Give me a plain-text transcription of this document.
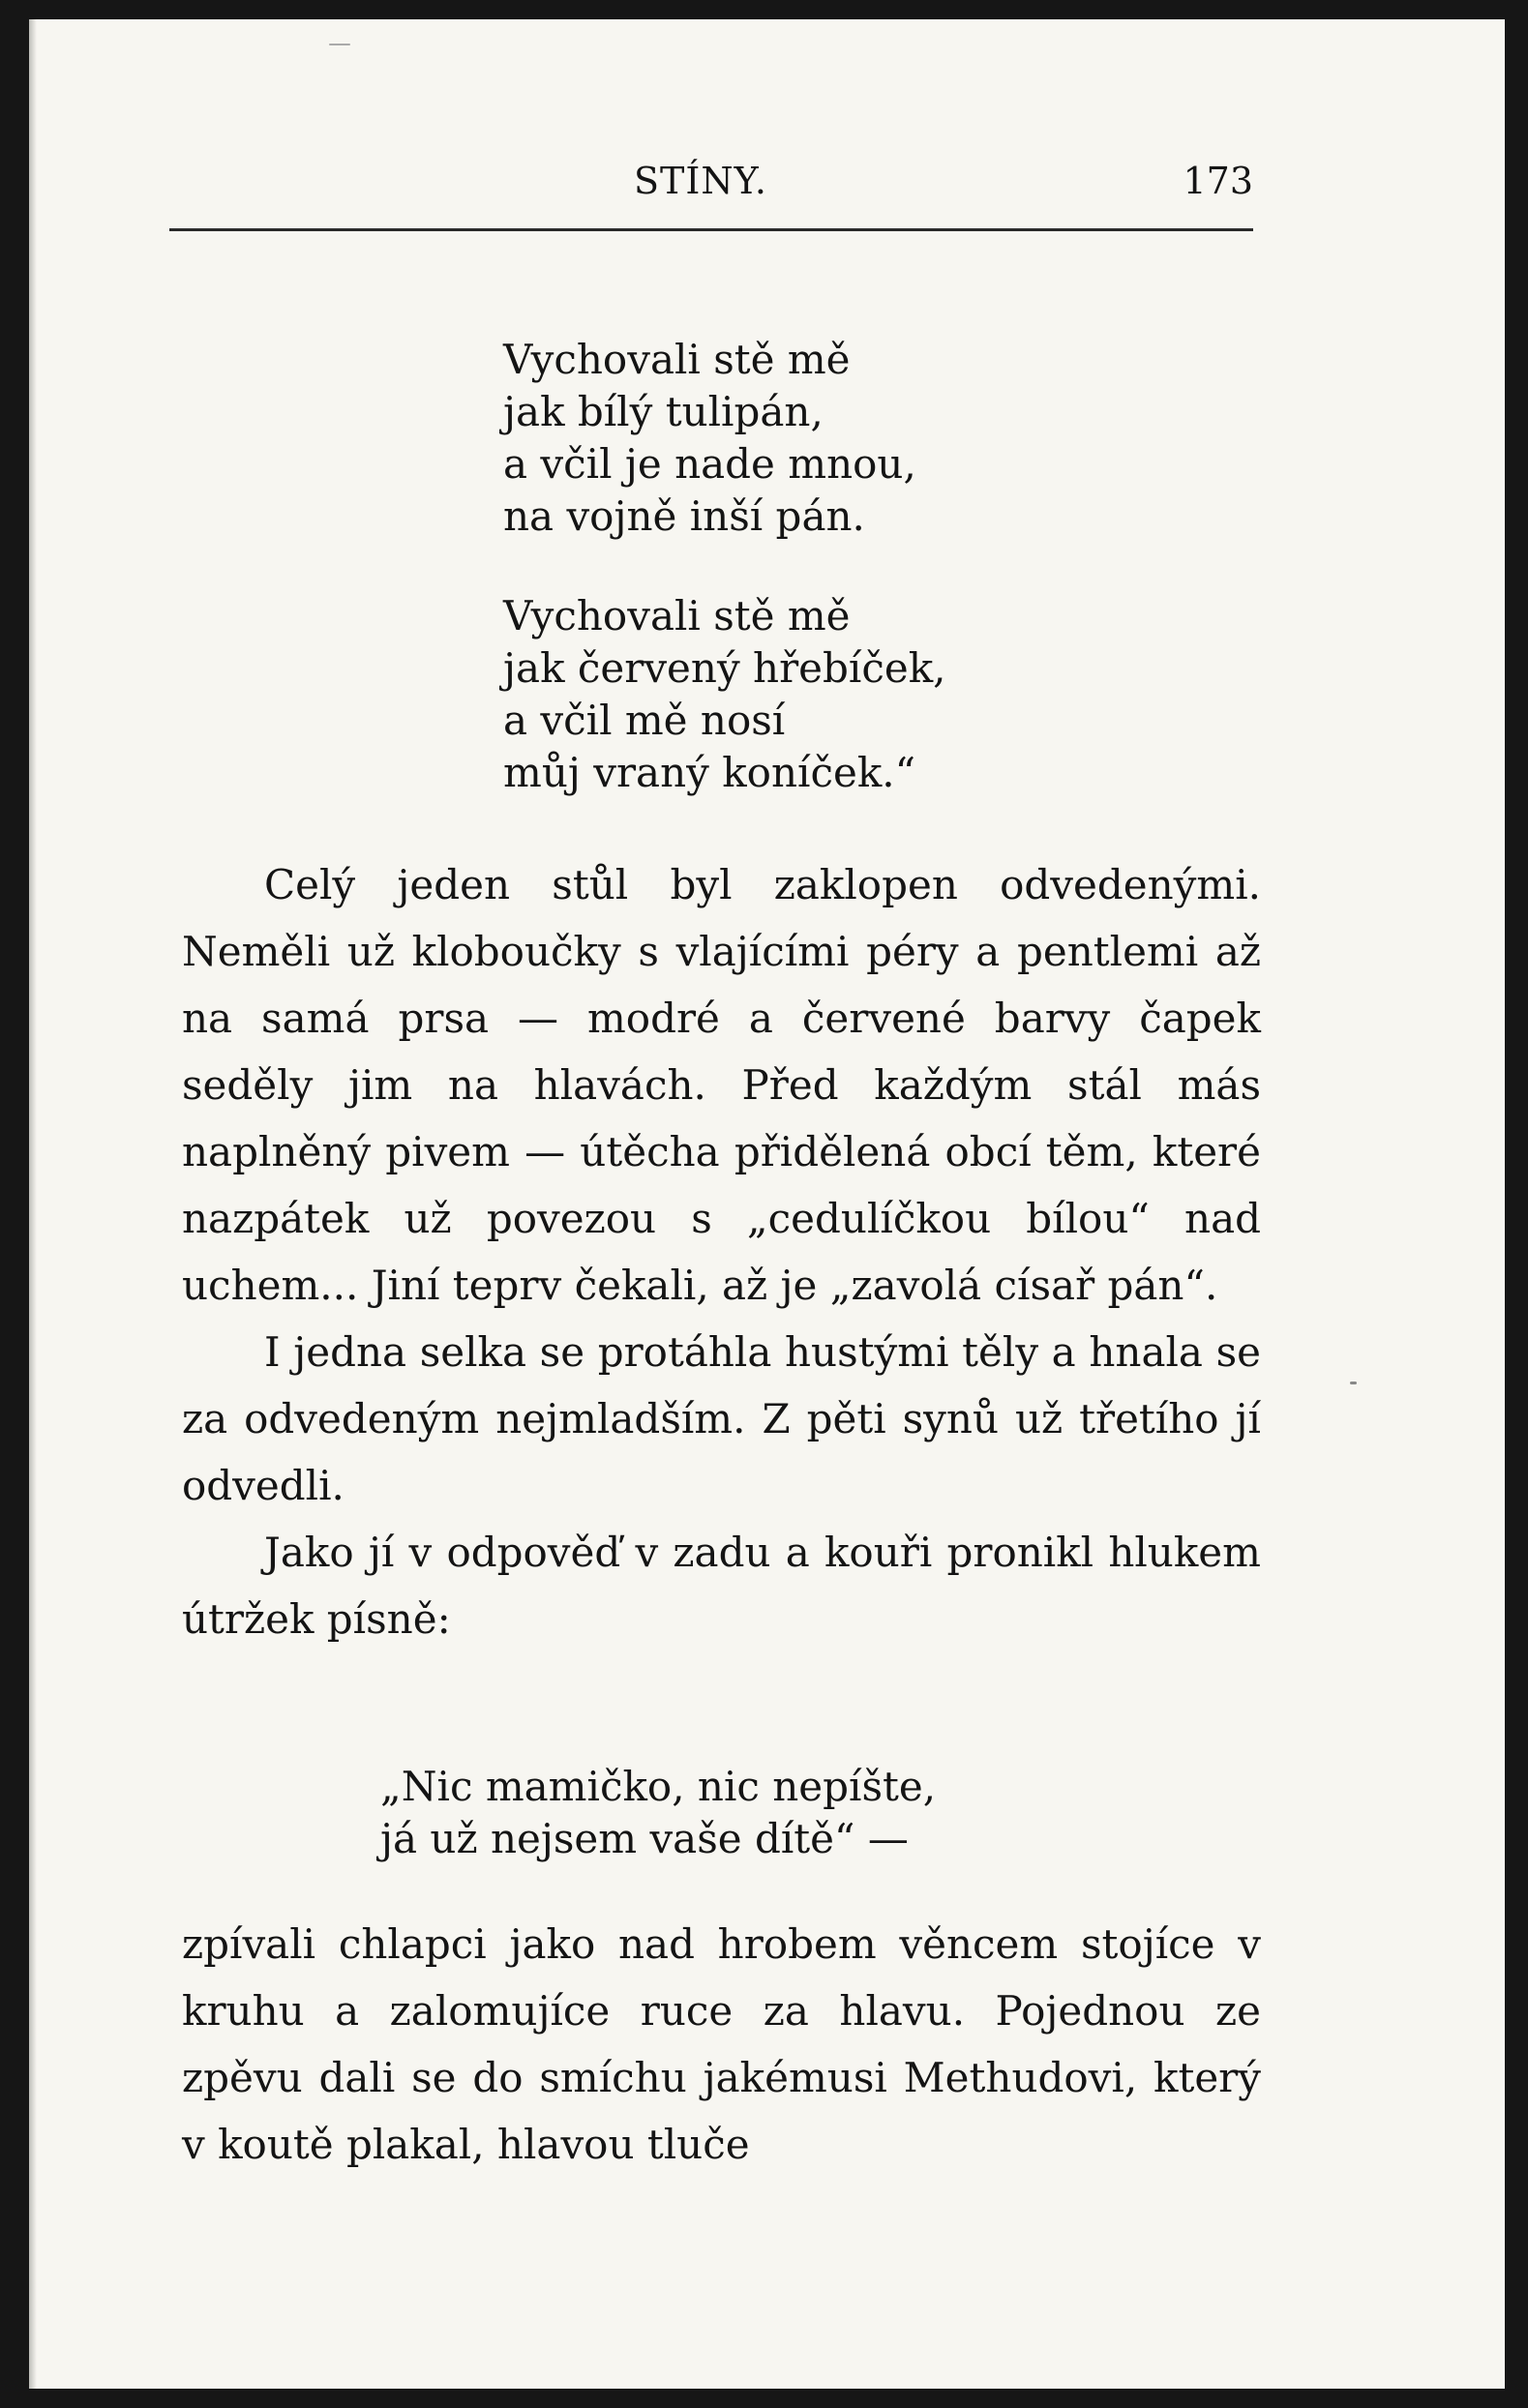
STÍNY.	173
Vychovali stě mě
jak bílý tulipán,
a včil je nade mnou,
na vojně inší pán.
Vychovali stě mě
jak červený hřebíček,
a včil mě nosí
můj vraný koníček.“

Celý jeden stůl byl zaklopen odvedenými. Neměli už kloboučky s vlajícími péry a pentlemi až na samá prsa — modré a červené barvy čapek seděly jim na hlavách. Před každým stál más naplněný pivem — útěcha přidělená obcí těm, které nazpátek už povezou s „cedulíčkou bílou“ nad uchem... Jiní teprv čekali, až je „zavolá císař pán“.

I jedna selka se protáhla hustými těly a hnala se za odvedeným nejmladším. Z pěti synů už třetího jí odvedli.

Jako jí v odpověď v zadu a kouři pronikl hlukem útržek písně:

„Nic mamičko, nic nepíšte,
já už nejsem vaše dítě“ —

zpívali chlapci jako nad hrobem věncem stojíce v kruhu a zalomujíce ruce za hlavu. Pojednou ze zpěvu dali se do smíchu jakémusi Methudovi, který v koutě plakal, hlavou tluče
